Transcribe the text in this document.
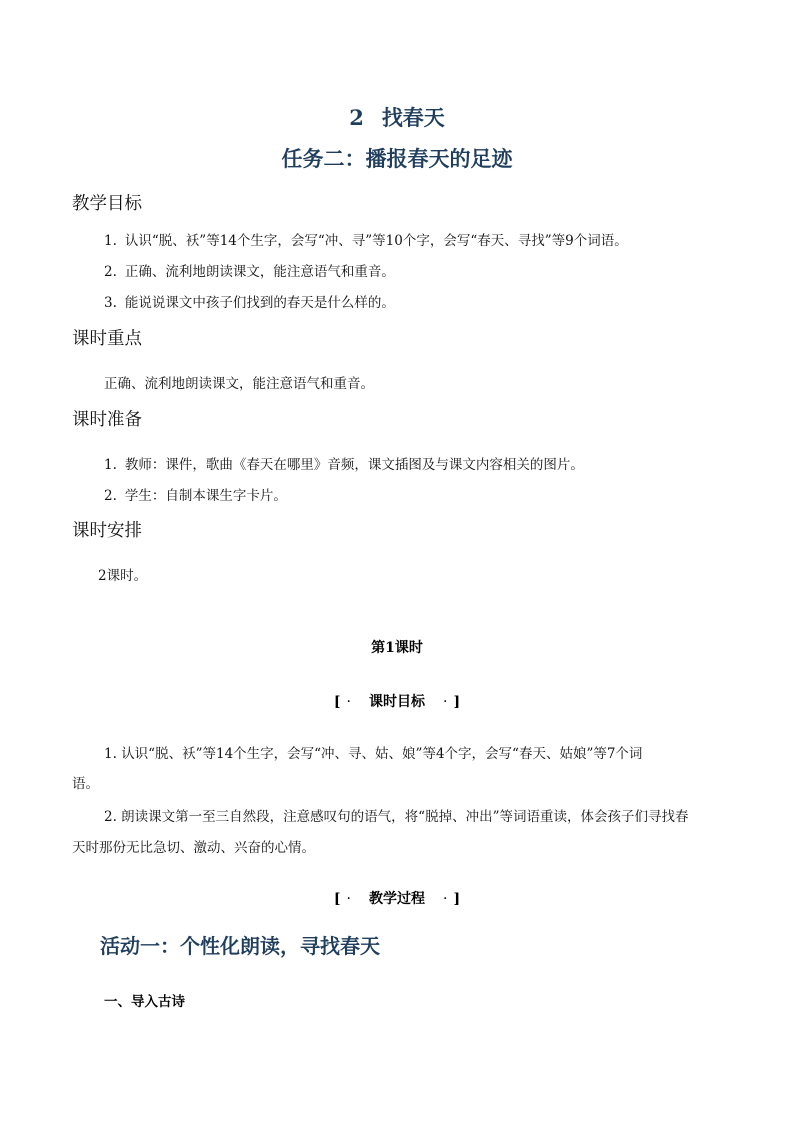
2 找春天
任务二：播报春天的足迹
教学目标
1. 认识“脱、袄”等14个生字，会写“冲、寻”等10个字，会写“春天、寻找”等9个词语。
2. 正确、流利地朗读课文，能注意语气和重音。
3. 能说说课文中孩子们找到的春天是什么样的。
课时重点
正确、流利地朗读课文，能注意语气和重音。
课时准备
1. 教师：课件，歌曲《春天在哪里》音频，课文插图及与课文内容相关的图片。
2. 学生：自制本课生字卡片。
课时安排
2课时。
第1课时
[ · 课时目标 · ]
1. 认识“脱、袄”等14个生字，会写“冲、寻、姑、娘”等4个字，会写“春天、姑娘”等7个词
语。
2. 朗读课文第一至三自然段，注意感叹句的语气，将“脱掉、冲出”等词语重读，体会孩子们寻找春
天时那份无比急切、激动、兴奋的心情。
[ · 教学过程 · ]
活动一：个性化朗读，寻找春天
一、导入古诗
